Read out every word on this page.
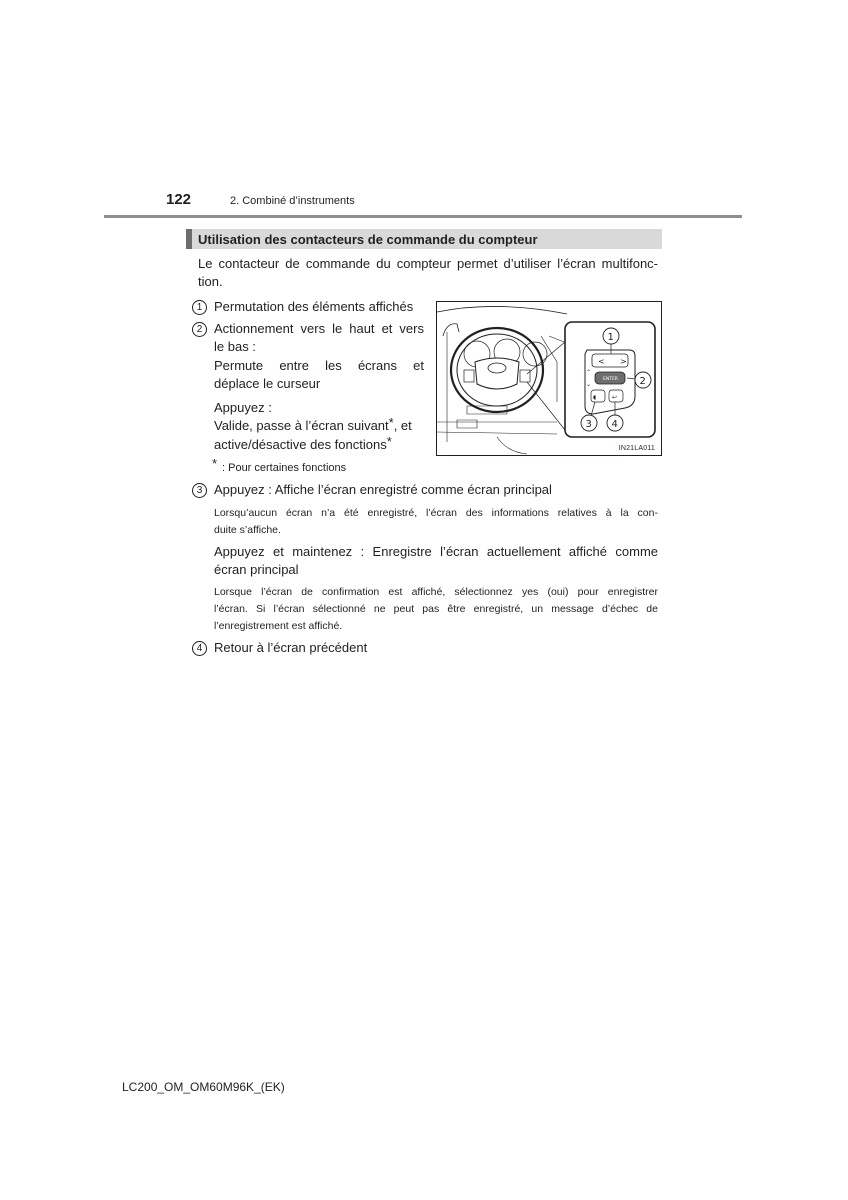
122	2. Combiné d’instruments
Utilisation des contacteurs de commande du compteur
Le contacteur de commande du compteur permet d’utiliser l’écran multifonc-
tion.
1 Permutation des éléments affichés
2 Actionnement vers le haut et vers
le bas :
Permute entre les écrans et
déplace le curseur
Appuyez :
Valide, passe à l’écran suivant*, et
active/désactive des fonctions*
* : Pour certaines fonctions
< >
ENTER
⌃
⌄
◖	↩
1
2
3 4
IN21LA011
3 Appuyez : Affiche l’écran enregistré comme écran principal
Lorsqu’aucun écran n’a été enregistré, l’écran des informations relatives à la con-
duite s’affiche.
Appuyez et maintenez : Enregistre l’écran actuellement affiché comme
écran principal
Lorsque l’écran de confirmation est affiché, sélectionnez yes (oui) pour enregistrer
l’écran. Si l’écran sélectionné ne peut pas être enregistré, un message d’échec de
l’enregistrement est affiché.
4 Retour à l’écran précédent
LC200_OM_OM60M96K_(EK)
